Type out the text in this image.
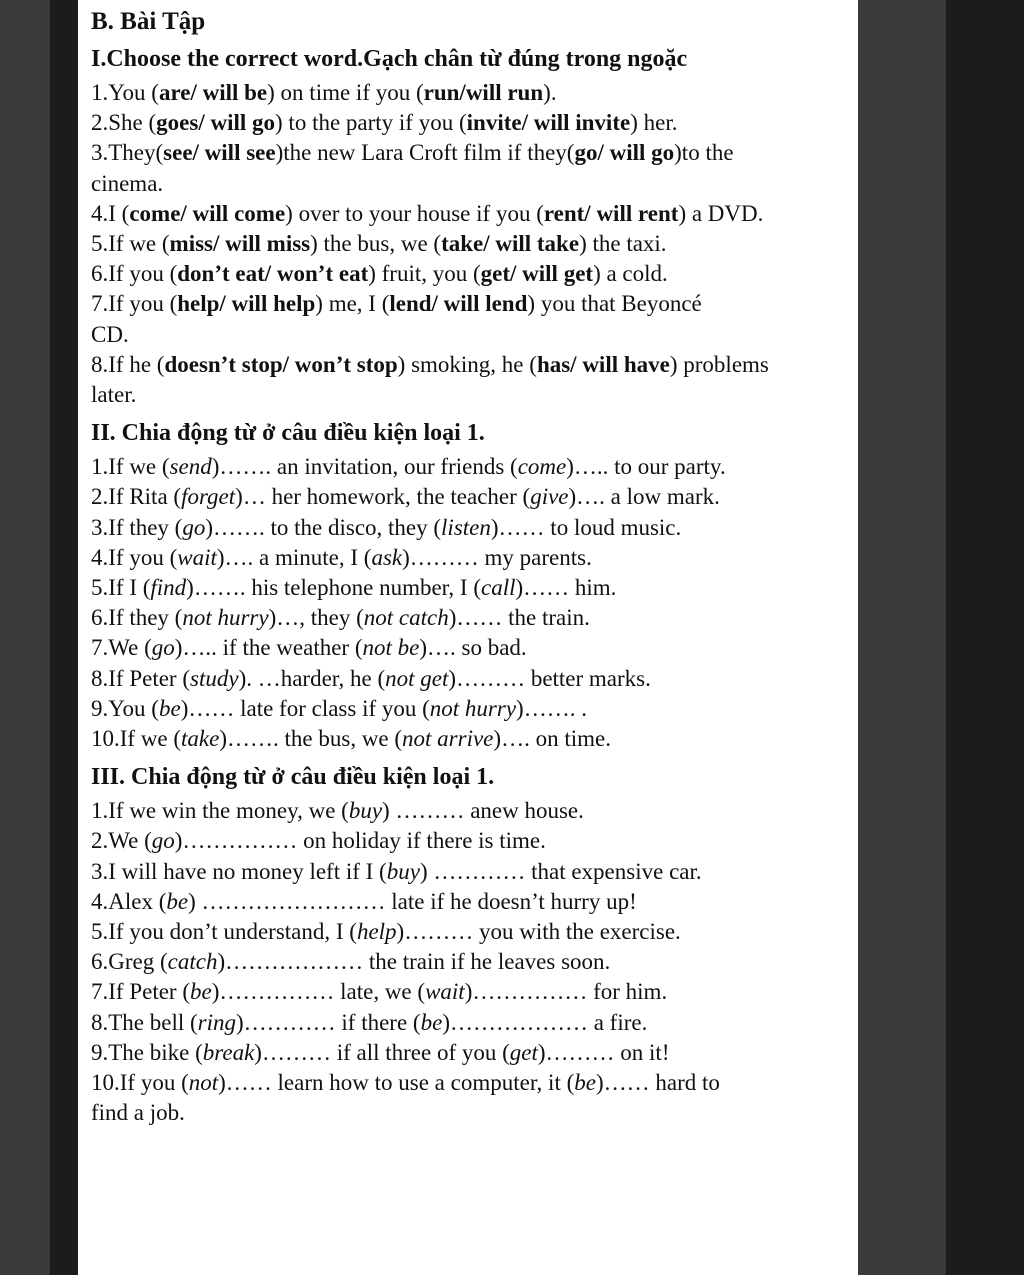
B. Bài Tập
I.Choose the correct word.Gạch chân từ đúng trong ngoặc
1.You (are/ will be) on time if you (run/will run).
2.She (goes/ will go) to the party if you (invite/ will invite) her.
3.They(see/ will see)the new Lara Croft film if they(go/ will go)to the cinema.
4.I (come/ will come) over to your house if you (rent/ will rent) a DVD.
5.If we (miss/ will miss) the bus, we (take/ will take) the taxi.
6.If you (don’t eat/ won’t eat) fruit, you (get/ will get) a cold.
7.If you (help/ will help) me, I (lend/ will lend) you that Beyoncé CD.
8.If he (doesn’t stop/ won’t stop) smoking, he (has/ will have) problems later.
II. Chia động từ ở câu điều kiện loại 1.
1.If we (send)……. an invitation, our friends (come)….. to our party.
2.If Rita (forget)… her homework, the teacher (give)…. a low mark.
3.If they (go)……. to the disco, they (listen)…… to loud music.
4.If you (wait)…. a minute, I (ask)……… my parents.
5.If I (find)……. his telephone number, I (call)…… him.
6.If they (not hurry)…, they (not catch)…… the train.
7.We (go)….. if the weather (not be)…. so bad.
8.If Peter (study). …harder, he (not get)……… better marks.
9.You (be)…… late for class if you (not hurry)……. .
10.If we (take)……. the bus, we (not arrive)…. on time.
III. Chia động từ ở câu điều kiện loại 1.
1.If we win the money, we (buy) ……… anew house.
2.We (go)…………… on holiday if there is time.
3.I will have no money left if I (buy) ………… that expensive car.
4.Alex (be) …………………… late if he doesn’t hurry up!
5.If you don’t understand, I (help)……… you with the exercise.
6.Greg (catch)……………… the train if he leaves soon.
7.If Peter (be)…………… late, we (wait)…………… for him.
8.The bell (ring)………… if there (be)……………… a fire.
9.The bike (break)……… if all three of you (get)……… on it!
10.If you (not)…… learn how to use a computer, it (be)…… hard to find a job.
